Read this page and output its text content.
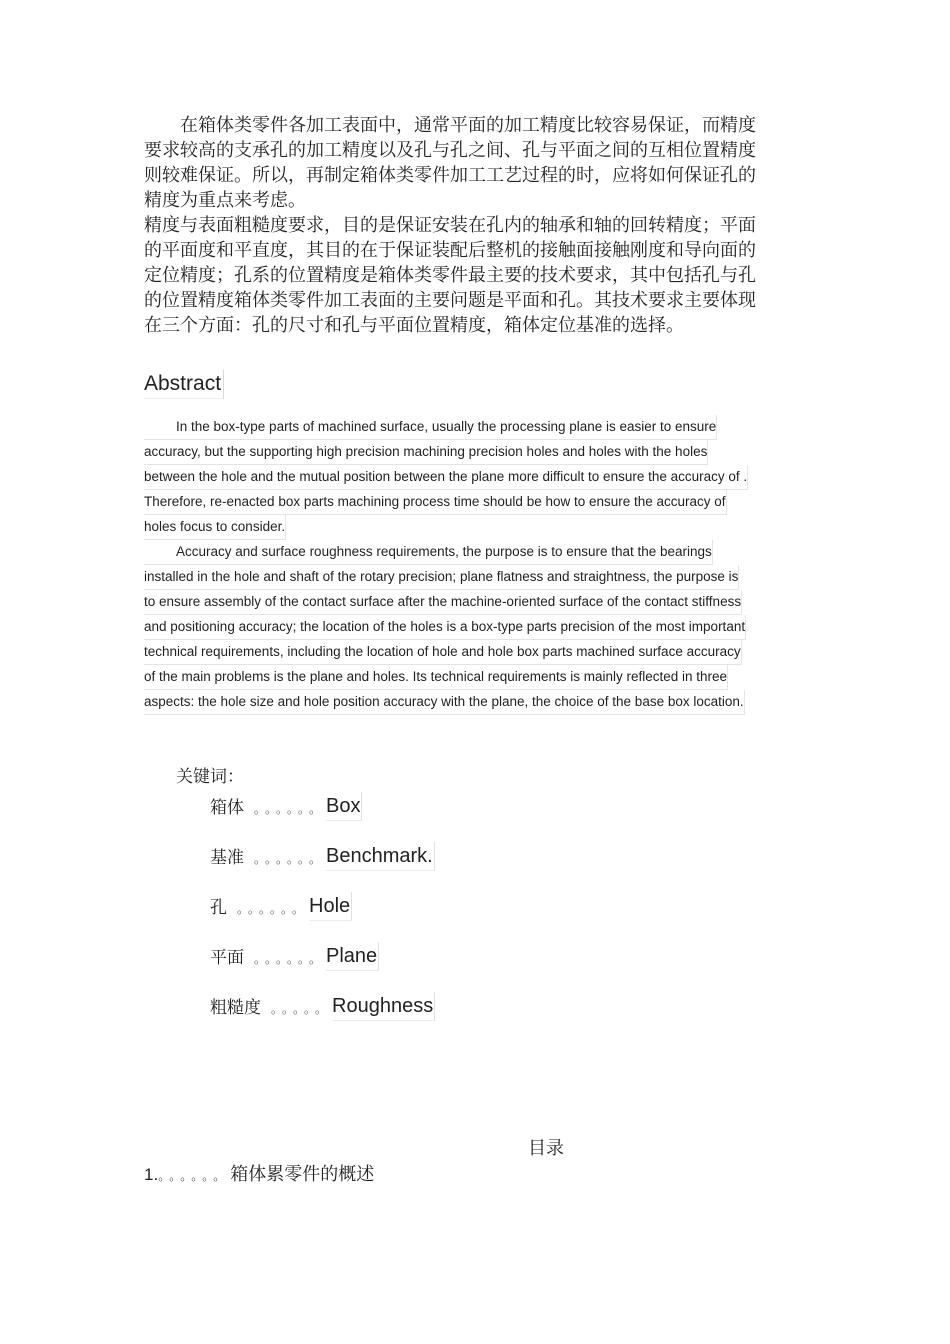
　　在箱体类零件各加工表面中，通常平面的加工精度比较容易保证，而精度
要求较高的支承孔的加工精度以及孔与孔之间、孔与平面之间的互相位置精度
则较难保证。所以，再制定箱体类零件加工工艺过程的时，应将如何保证孔的
精度为重点来考虑。
精度与表面粗糙度要求，目的是保证安装在孔内的轴承和轴的回转精度；平面
的平面度和平直度，其目的在于保证装配后整机的接触面接触刚度和导向面的
定位精度；孔系的位置精度是箱体类零件最主要的技术要求，其中包括孔与孔
的位置精度箱体类零件加工表面的主要问题是平面和孔。其技术要求主要体现
在三个方面：孔的尺寸和孔与平面位置精度，箱体定位基准的选择。
Abstract
In the box-type parts of machined surface, usually the processing plane is easier to ensure
accuracy, but the supporting high precision machining precision holes and holes with the holes
between the hole and the mutual position between the plane more difficult to ensure the accuracy of .
Therefore, re-enacted box parts machining process time should be how to ensure the accuracy of
holes focus to consider.
Accuracy and surface roughness requirements, the purpose is to ensure that the bearings
installed in the hole and shaft of the rotary precision; plane flatness and straightness, the purpose is
to ensure assembly of the contact surface after the machine-oriented surface of the contact stiffness
and positioning accuracy; the location of the holes is a box-type parts precision of the most important
technical requirements, including the location of hole and hole box parts machined surface accuracy
of the main problems is the plane and holes. Its technical requirements is mainly reflected in three
aspects: the hole size and hole position accuracy with the plane, the choice of the base box location.
关键词：
箱体 。。。。。。Box
基准 。。。。。。Benchmark.
孔 。。。。。。Hole
平面 。。。。。。Plane
粗糙度 。。。。。Roughness
目录
1.。。。。。。箱体累零件的概述
